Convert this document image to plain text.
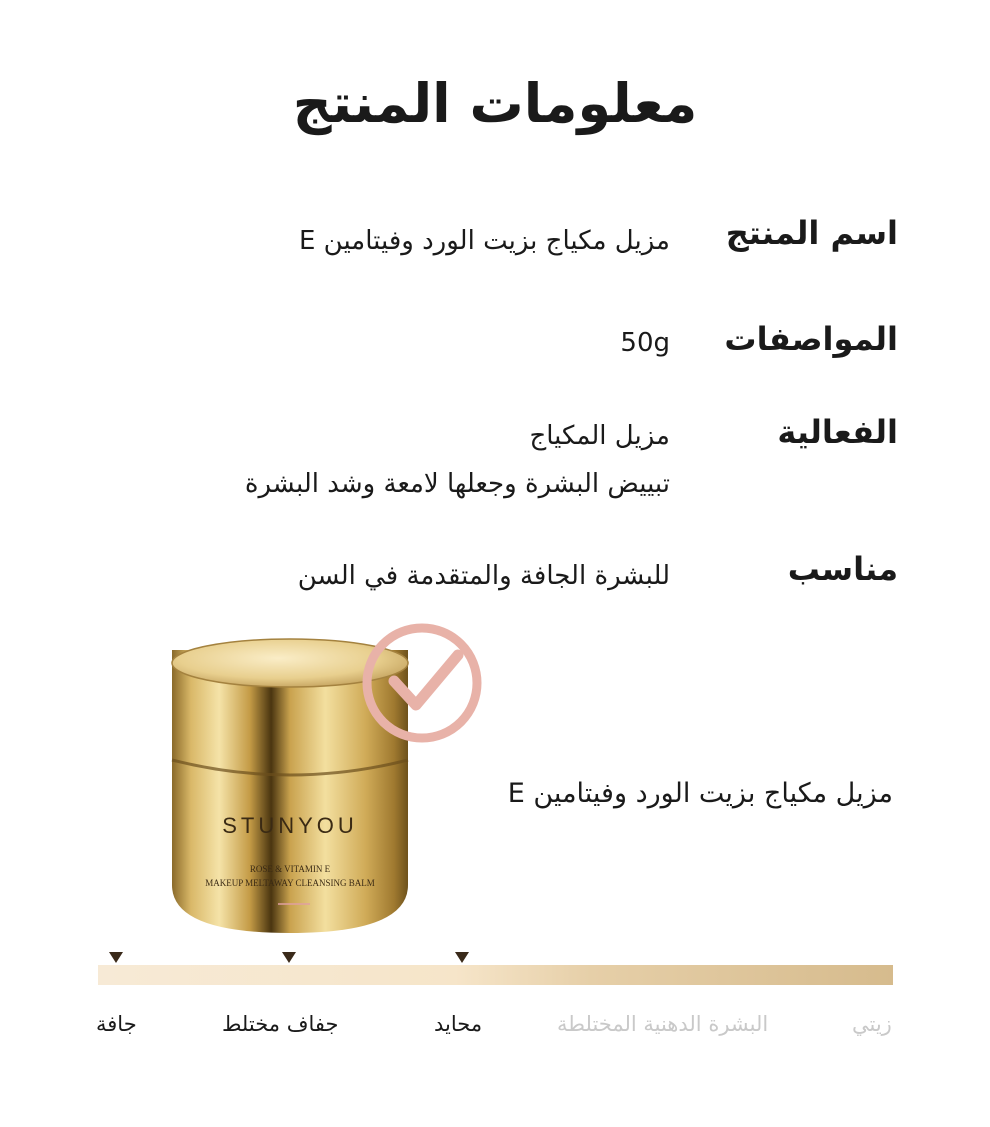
معلومات المنتج
اسم المنتج
مزيل مكياج بزيت الورد وفيتامين E
المواصفات
50g
الفعالية
مزيل المكياج
تبييض البشرة وجعلها لامعة وشد البشرة
مناسب
للبشرة الجافة والمتقدمة في السن
STUNYOU
ROSE & VITAMIN E
MAKEUP MELTAWAY CLEANSING BALM
مزيل مكياج بزيت الورد وفيتامين E
جافة	جفاف مختلط	محايد	البشرة الدهنية المختلطة	زيتي
